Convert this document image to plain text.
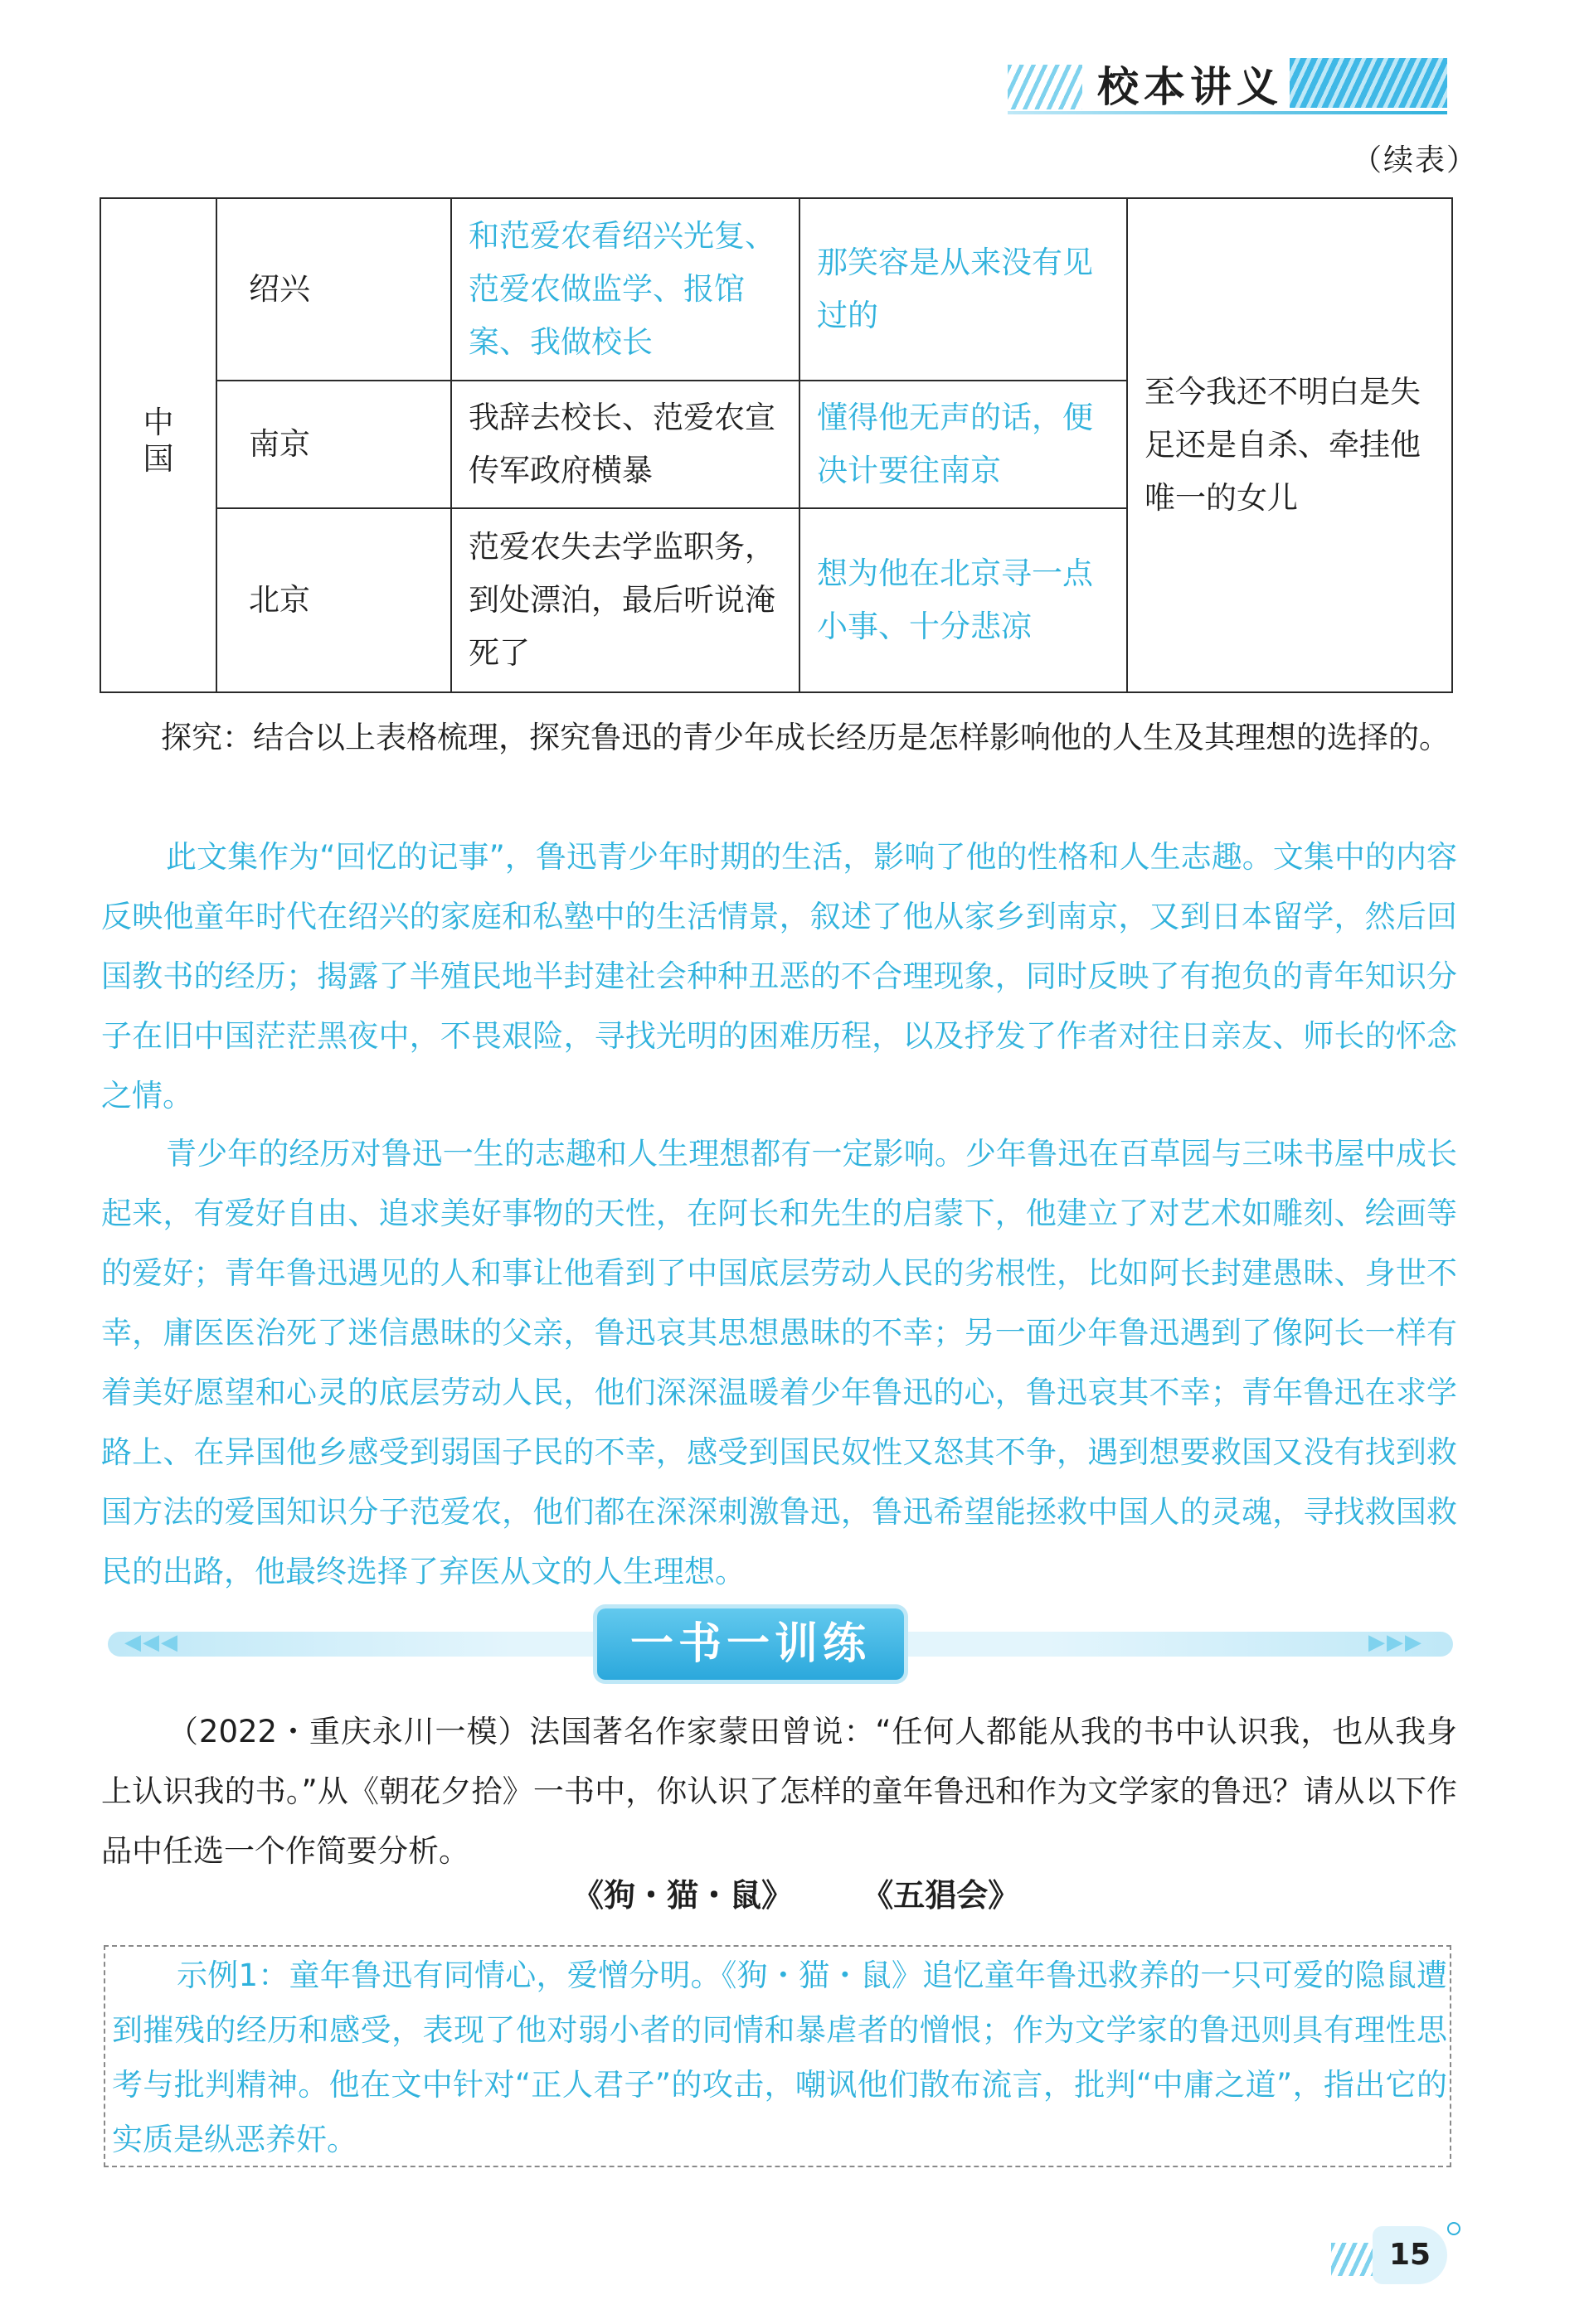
校本讲义
（续表）
中国	绍兴	和范爱农看绍兴光复、范爱农做监学、报馆案、我做校长	那笑容是从来没有见过的	至今我还不明白是失足还是自杀、牵挂他唯一的女儿
	南京	我辞去校长、范爱农宣传军政府横暴	懂得他无声的话，便决计要往南京	
	北京	范爱农失去学监职务，到处漂泊，最后听说淹死了	想为他在北京寻一点小事、十分悲凉	
探究：结合以上表格梳理，探究鲁迅的青少年成长经历是怎样影响他的人生及其理想的选择的。
此文集作为“回忆的记事”，鲁迅青少年时期的生活，影响了他的性格和人生志趣。文集中的内容反映他童年时代在绍兴的家庭和私塾中的生活情景，叙述了他从家乡到南京，又到日本留学，然后回国教书的经历；揭露了半殖民地半封建社会种种丑恶的不合理现象，同时反映了有抱负的青年知识分子在旧中国茫茫黑夜中，不畏艰险，寻找光明的困难历程，以及抒发了作者对往日亲友、师长的怀念之情。
青少年的经历对鲁迅一生的志趣和人生理想都有一定影响。少年鲁迅在百草园与三味书屋中成长起来，有爱好自由、追求美好事物的天性，在阿长和先生的启蒙下，他建立了对艺术如雕刻、绘画等的爱好；青年鲁迅遇见的人和事让他看到了中国底层劳动人民的劣根性，比如阿长封建愚昧、身世不幸，庸医医治死了迷信愚昧的父亲，鲁迅哀其思想愚昧的不幸；另一面少年鲁迅遇到了像阿长一样有着美好愿望和心灵的底层劳动人民，他们深深温暖着少年鲁迅的心，鲁迅哀其不幸；青年鲁迅在求学路上、在异国他乡感受到弱国子民的不幸，感受到国民奴性又怒其不争，遇到想要救国又没有找到救国方法的爱国知识分子范爱农，他们都在深深刺激鲁迅，鲁迅希望能拯救中国人的灵魂，寻找救国救民的出路，他最终选择了弃医从文的人生理想。
◀◀◀	▶▶▶
一书一训练
（2022・重庆永川一模）法国著名作家蒙田曾说：“任何人都能从我的书中认识我，也从我身上认识我的书。”从《朝花夕拾》一书中，你认识了怎样的童年鲁迅和作为文学家的鲁迅？请从以下作品中任选一个作简要分析。
《狗・猫・鼠》 《五猖会》
示例1：童年鲁迅有同情心，爱憎分明。《狗・猫・鼠》追忆童年鲁迅救养的一只可爱的隐鼠遭到摧残的经历和感受，表现了他对弱小者的同情和暴虐者的憎恨；作为文学家的鲁迅则具有理性思考与批判精神。他在文中针对“正人君子”的攻击，嘲讽他们散布流言，批判“中庸之道”，指出它的实质是纵恶养奸。
15
